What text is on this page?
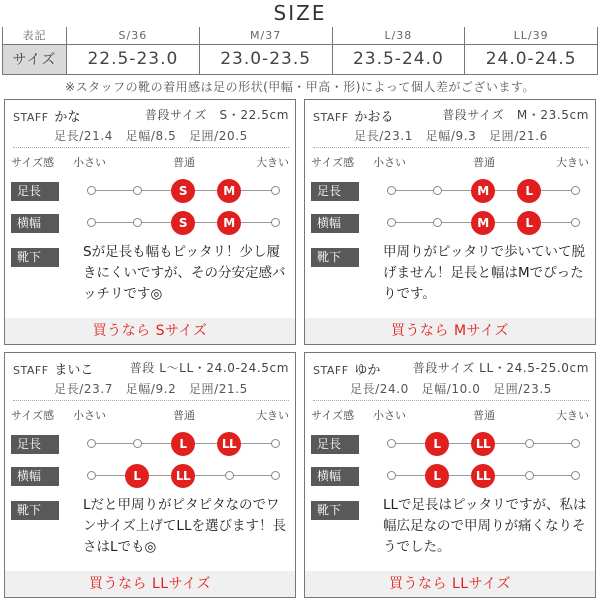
SIZE
表記	S/36	M/37	L/38	LL/39
サイズ	22.5-23.0	23.0-23.5	23.5-24.0	24.0-24.5
※スタッフの靴の着用感は足の形状(甲幅・甲高・形)によって個人差がございます。
STAFF かな	普段サイズ　S・22.5cm
足長/21.4　足幅/8.5　足囲/20.5
サイズ感 小さい	普通	大きい
足長	S	M
横幅	S	M
靴下	Sが足長も幅もピッタリ！少し履きにくいですが、その分安定感バッチリです◎
買うなら Sサイズ
STAFF かおる	普段サイズ　M・23.5cm
足長/23.1　足幅/9.3　足囲/21.6
サイズ感 小さい	普通	大きい
足長	M	L
横幅	M	L
靴下	甲周りがピッタリで歩いていて脱げません！足長と幅はMでぴったりです。
買うなら Mサイズ
STAFF まいこ	普段 L～LL・24.0-24.5cm
足長/23.7　足幅/9.2　足囲/21.5
サイズ感 小さい	普通	大きい
足長	L	LL
横幅	L	LL
靴下	Lだと甲周りがピタピタなのでワンサイズ上げてLLを選びます！長さはLでも◎
買うなら LLサイズ
STAFF ゆか	普段サイズ LL・24.5-25.0cm
足長/24.0　足幅/10.0　足囲/23.5
サイズ感 小さい	普通	大きい
足長	L	LL
横幅	L	LL
靴下	LLで足長はピッタリですが、私は幅広足なので甲周りが痛くなりそうでした。
買うなら LLサイズ
